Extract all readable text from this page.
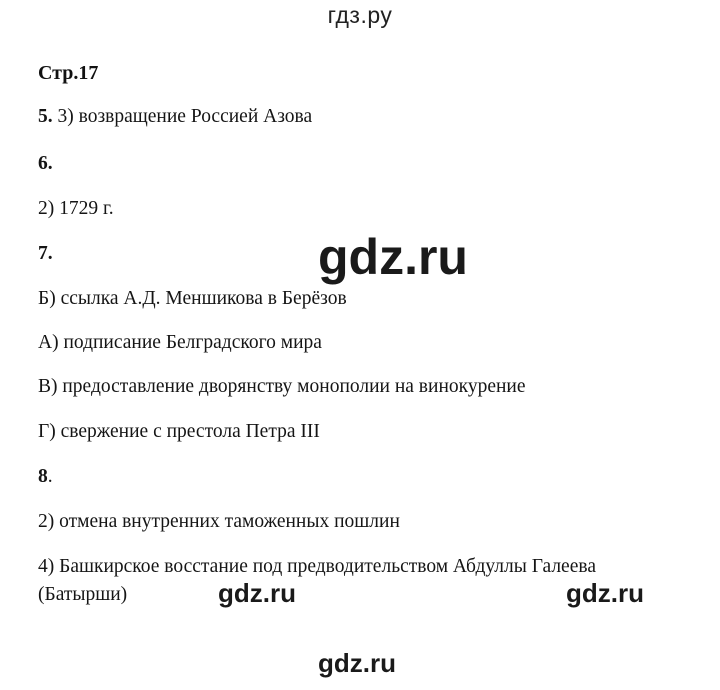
гдз.ру
Стр.17
5. 3) возвращение Россией Азова
6.
2) 1729 г.
7.
Б) ссылка А.Д. Меншикова в Берёзов
А) подписание Белградского мира
В) предоставление дворянству монополии на винокурение
Г) свержение с престола Петра III
8.
2) отмена внутренних таможенных пошлин
4) Башкирское восстание под предводительством Абдуллы Галеева
(Батырши)
gdz.ru
gdz.ru	gdz.ru
gdz.ru
